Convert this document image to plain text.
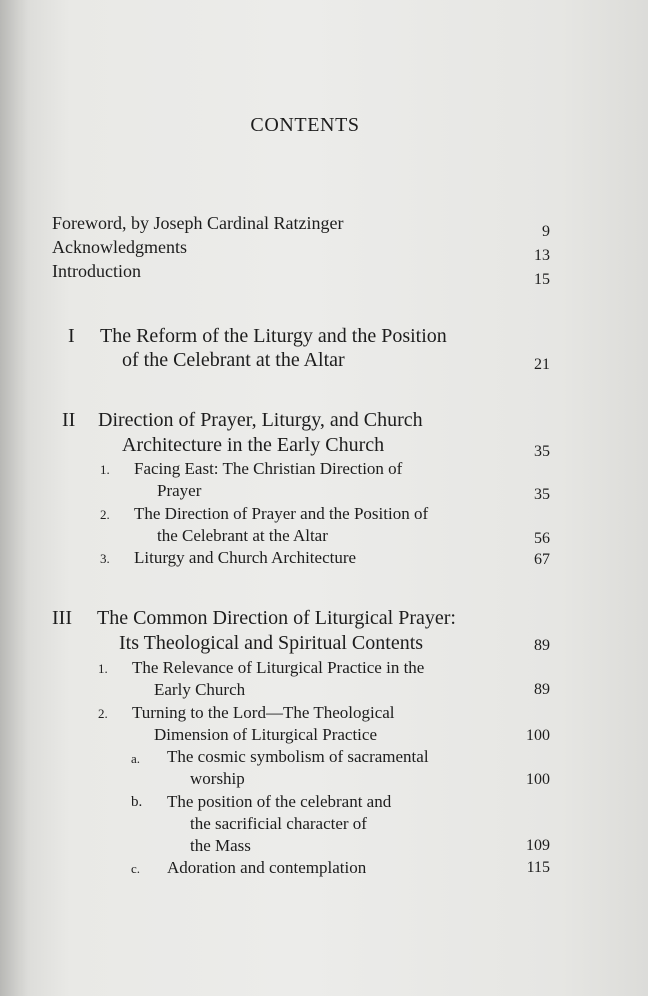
CONTENTS
Foreword, by Joseph Cardinal Ratzinger	9
Acknowledgments	13
Introduction	15
I The Reform of the Liturgy and the Position
of the Celebrant at the Altar	21
II Direction of Prayer, Liturgy, and Church
Architecture in the Early Church	35
1. Facing East: The Christian Direction of
Prayer	35
2. The Direction of Prayer and the Position of
the Celebrant at the Altar	56
3. Liturgy and Church Architecture	67
III The Common Direction of Liturgical Prayer:
Its Theological and Spiritual Contents	89
1. The Relevance of Liturgical Practice in the
Early Church	89
2. Turning to the Lord—The Theological
Dimension of Liturgical Practice	100
a. The cosmic symbolism of sacramental
worship	100
b. The position of the celebrant and
the sacrificial character of
the Mass	109
c. Adoration and contemplation	115
